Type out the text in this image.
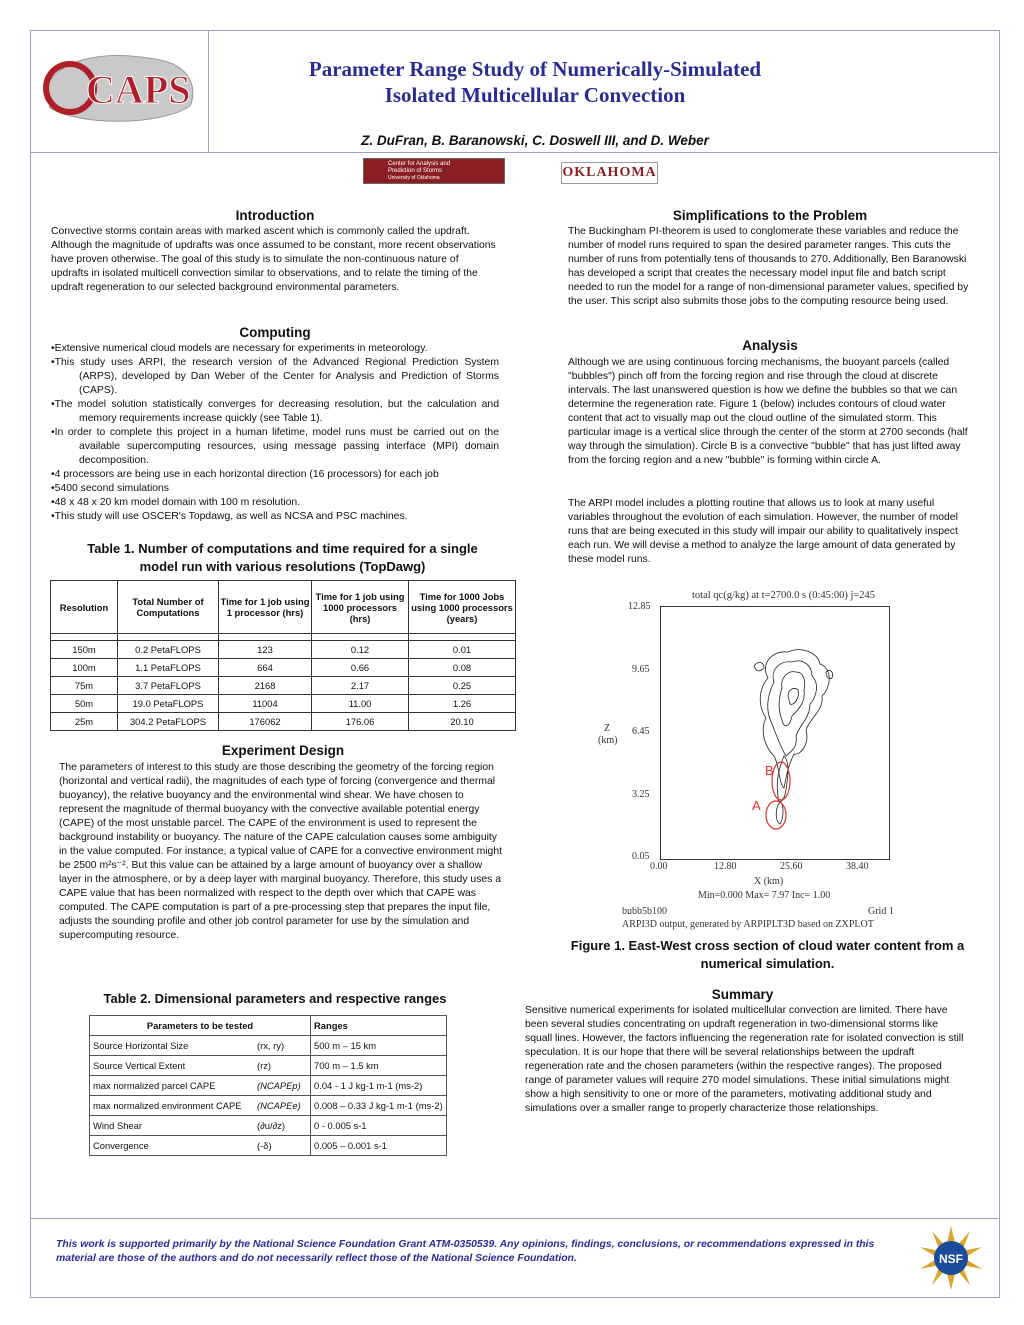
CAPS	Parameter Range Study of Numerically-Simulated
Isolated Multicellular Convection
Z. DuFran, B. Baranowski, C. Doswell III, and D. Weber
Center for Analysis and
Prediction of Storms
University of Oklahoma	OKLAHOMA
Introduction
Convective storms contain areas with marked ascent which is commonly called the updraft. Although the magnitude of updrafts was once assumed to be constant, more recent observations have proven otherwise. The goal of this study is to simulate the non-continuous nature of updrafts in isolated multicell convection similar to observations, and to relate the timing of the updraft regeneration to our selected background environmental parameters.
Computing
•Extensive numerical cloud models are necessary for experiments in meteorology.
•This study uses ARPI, the research version of the Advanced Regional Prediction System (ARPS), developed by Dan Weber of the Center for Analysis and Prediction of Storms (CAPS).
•The model solution statistically converges for decreasing resolution, but the calculation and memory requirements increase quickly (see Table 1).
•In order to complete this project in a human lifetime, model runs must be carried out on the available supercomputing resources, using message passing interface (MPI) domain decomposition.
•4 processors are being use in each horizontal direction (16 processors) for each job
•5400 second simulations
•48 x 48 x 20 km model domain with 100 m resolution.
•This study will use OSCER's Topdawg, as well as NCSA and PSC machines.
Table 1. Number of computations and time required for a single model run with various resolutions (TopDawg)
Resolution	Total Number of Computations	Time for 1 job using 1 processor (hrs)	Time for 1 job using 1000 processors (hrs)	Time for 1000 Jobs using 1000 processors (years)

150m	0.2 PetaFLOPS	123	0.12	0.01
100m	1.1 PetaFLOPS	664	0.66	0.08
75m	3.7 PetaFLOPS	2168	2.17	0.25
50m	19.0 PetaFLOPS	11004	11.00	1.26
25m	304.2 PetaFLOPS	176062	176.06	20.10
Experiment Design
The parameters of interest to this study are those describing the geometry of the forcing region (horizontal and vertical radii), the magnitudes of each type of forcing (convergence and thermal buoyancy), the relative buoyancy and the environmental wind shear. We have chosen to represent the magnitude of thermal buoyancy with the convective available potential energy (CAPE) of the most unstable parcel. The CAPE of the environment is used to represent the background instability or buoyancy. The nature of the CAPE calculation causes some ambiguity in the value computed. For instance, a typical value of CAPE for a convective environment might be 2500 m²s⁻². But this value can be attained by a large amount of buoyancy over a shallow layer in the atmosphere, or by a deep layer with marginal buoyancy. Therefore, this study uses a CAPE value that has been normalized with respect to the depth over which that CAPE was computed. The CAPE computation is part of a pre-processing step that prepares the input file, adjusts the sounding profile and other job control parameter for use by the simulation and supercomputing resource.
Table 2. Dimensional parameters and respective ranges
Parameters to be tested		Ranges
Source Horizontal Size	(rx, ry)	500 m – 15 km
Source Vertical Extent	(rz)	700 m – 1.5 km
max normalized parcel CAPE	(NCAPEp)	0.04 - 1 J kg-1 m-1 (ms-2)
max normalized environment CAPE	(NCAPEe)	0.008 – 0.33 J kg-1 m-1 (ms-2)
Wind Shear	(∂u/∂z)	0 - 0.005 s-1
Convergence	(-δ)	0.005 – 0.001 s-1
Simplifications to the Problem
The Buckingham PI-theorem is used to conglomerate these variables and reduce the number of model runs required to span the desired parameter ranges. This cuts the number of runs from potentially tens of thousands to 270. Additionally, Ben Baranowski has developed a script that creates the necessary model input file and batch script needed to run the model for a range of non-dimensional parameter values, specified by the user. This script also submits those jobs to the computing resource being used.
Analysis
Although we are using continuous forcing mechanisms, the buoyant parcels (called "bubbles") pinch off from the forcing region and rise through the cloud at discrete intervals. The last unanswered question is how we define the bubbles so that we can determine the regeneration rate. Figure 1 (below) includes contours of cloud water content that act to visually map out the cloud outline of the simulated storm. This particular image is a vertical slice through the center of the storm at 2700 seconds (half way through the simulation). Circle B is a convective "bubble" that has just lifted away from the forcing region and a new "bubble" is forming within circle A.
The ARPI model includes a plotting routine that allows us to look at many useful variables throughout the evolution of each simulation. However, the number of model runs that are being executed in this study will impair our ability to qualitatively inspect each run. We will devise a method to analyze the large amount of data generated by these model runs.
total qc(g/kg) at t=2700.0 s (0:45:00) j=245
B
A
12.85
9.65
6.45
3.25
0.05
Z
(km)
0.00	12.80	25.60	38.40
X (km)
Min=0.000 Max= 7.97 Inc= 1.00
bubb5b100	Grid 1
ARPI3D output, generated by ARPIPLT3D based on ZXPLOT
Figure 1. East-West cross section of cloud water content from a numerical simulation.
Summary
Sensitive numerical experiments for isolated multicellular convection are limited. There have been several studies concentrating on updraft regeneration in two-dimensional storms like squall lines. However, the factors influencing the regeneration rate for isolated convection is still speculation. It is our hope that there will be several relationships between the updraft regeneration rate and the chosen parameters (within the respective ranges). The proposed range of parameter values will require 270 model simulations. These initial simulations might show a high sensitivity to one or more of the parameters, motivating additional study and simulations over a smaller range to properly characterize those relationships.
This work is supported primarily by the National Science Foundation Grant ATM-0350539. Any opinions, findings, conclusions, or recommendations expressed in this material are those of the authors and do not necessarily reflect those of the National Science Foundation.	NSF
